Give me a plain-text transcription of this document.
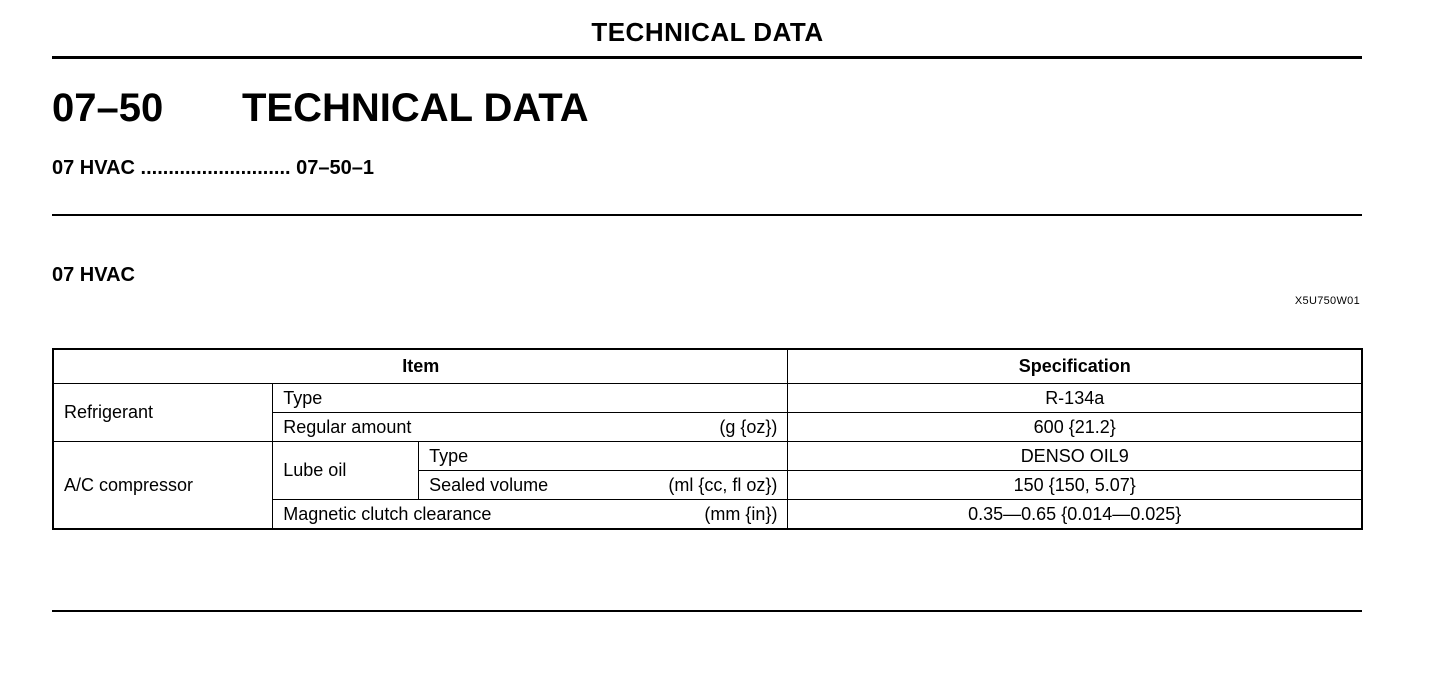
TECHNICAL DATA
07–50 TECHNICAL DATA
07 HVAC ........................... 07–50–1
07 HVAC
X5U750W01
Item			Specification
Refrigerant	Type		R-134a
	Regular amount (g {oz})		600 {21.2}
A/C compressor	Lube oil	Type	DENSO OIL9
		Sealed volume (ml {cc, fl oz})	150 {150, 5.07}
	Magnetic clutch clearance (mm {in})		0.35—0.65 {0.014—0.025}
